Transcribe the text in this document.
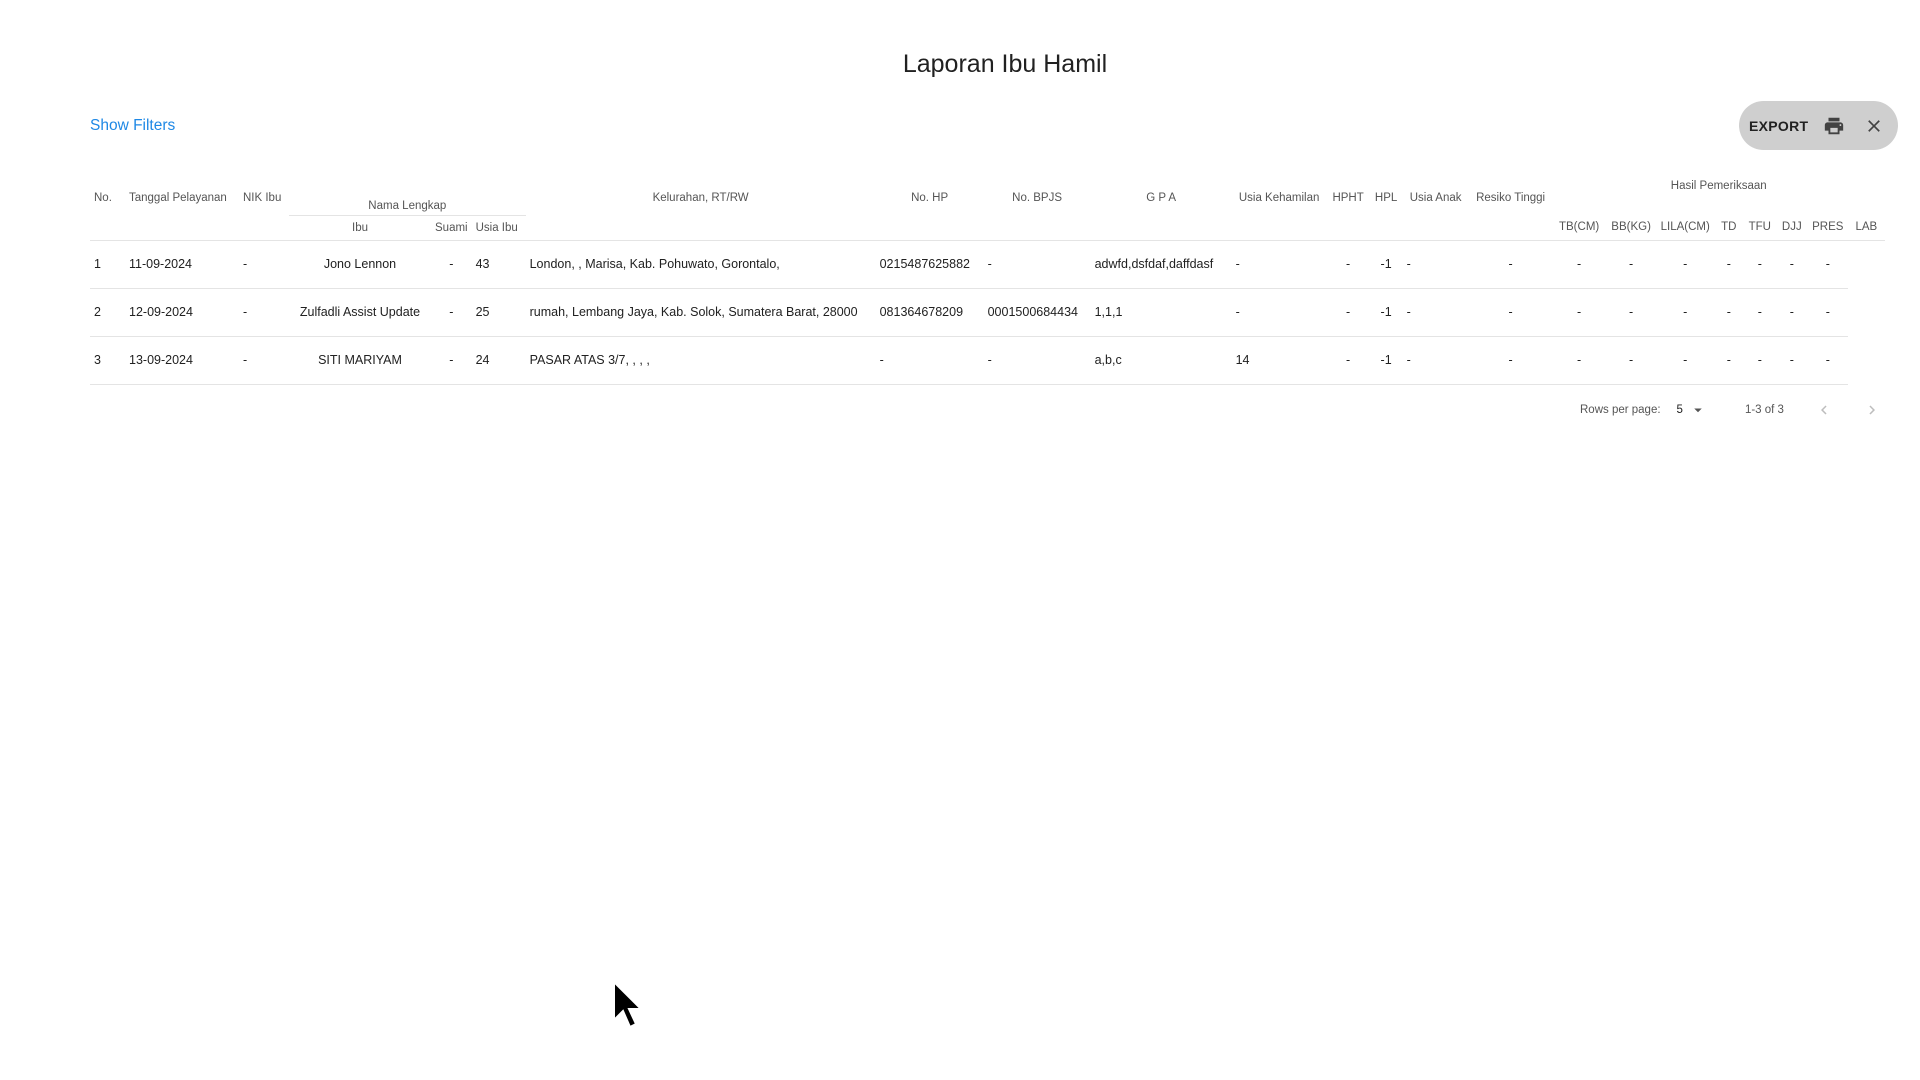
Laporan Ibu Hamil
Show Filters	EXPORT
No.	Tanggal Pelayanan	NIK Ibu	Nama Lengkap			Kelurahan, RT/RW	No. HP	No. BPJS	G P A	Usia Kehamilan	HPHT	HPL	Usia Anak	Resiko Tinggi	Hasil Pemeriksaan							
			Ibu	Suami	Usia Ibu										TB(CM)	BB(KG)	LILA(CM)	TD	TFU	DJJ	PRES	LAB
1	11-09-2024	-	Jono Lennon	-	43	London, , Marisa, Kab. Pohuwato, Gorontalo,	0215487625882	-	adwfd,dsfdaf,daffdasf	-	-	-1	-	-	-	-	-	-	-	-	-	
2	12-09-2024	-	Zulfadli Assist Update	-	25	rumah, Lembang Jaya, Kab. Solok, Sumatera Barat, 28000	081364678209	0001500684434	1,1,1	-	-	-1	-	-	-	-	-	-	-	-	-	
3	13-09-2024	-	SITI MARIYAM	-	24	PASAR ATAS 3/7, , , ,	-	-	a,b,c	14	-	-1	-	-	-	-	-	-	-	-	-	
Rows per page: 5	1-3 of 3
